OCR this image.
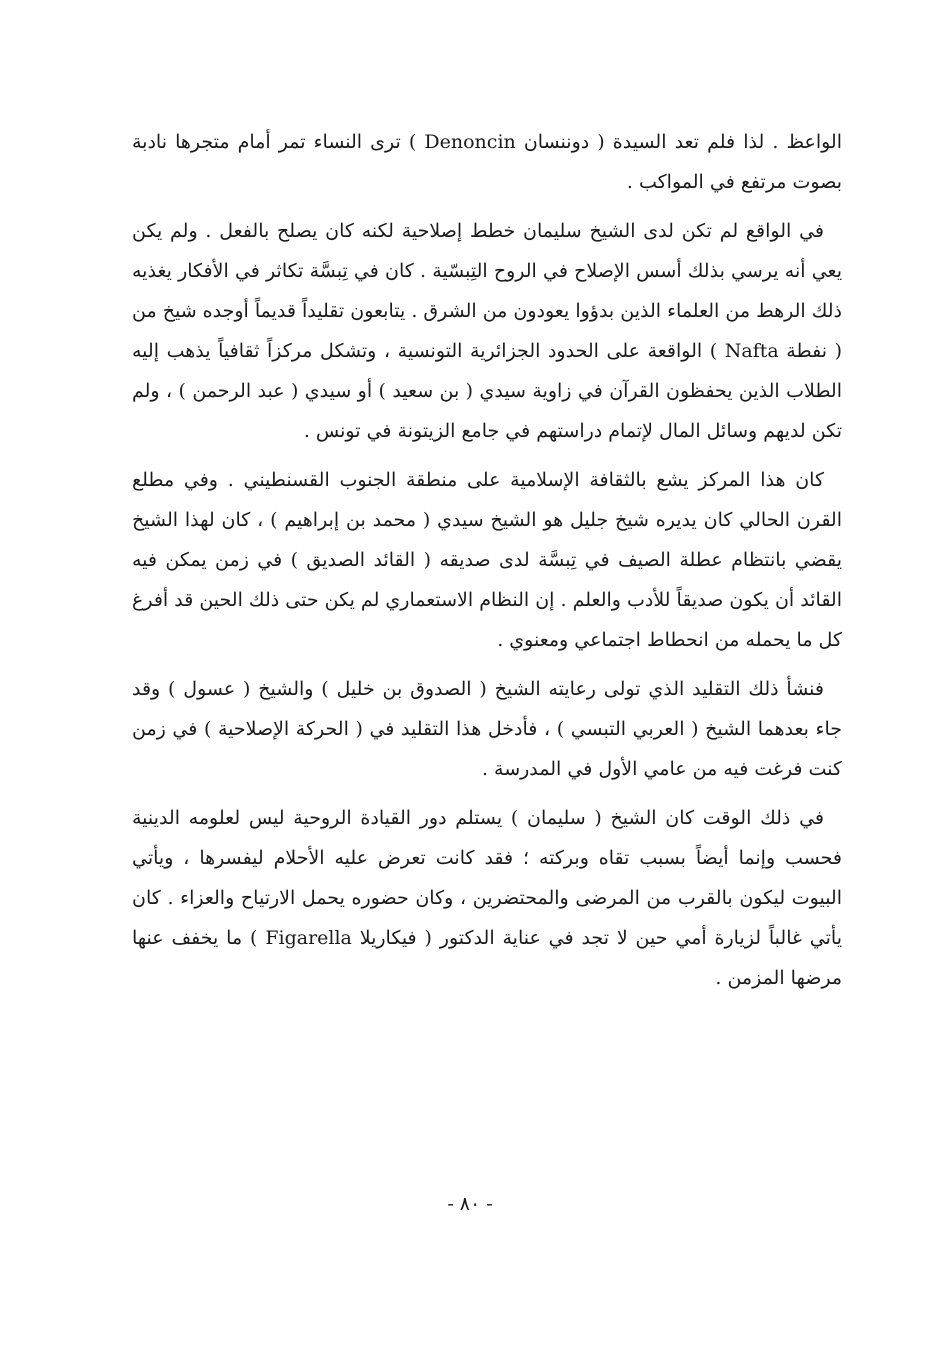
الواعظ . لذا فلم تعد السيدة ( دوننسان Denoncin ) ترى النساء تمر أمام متجرها نادبة بصوت مرتفع في المواكب .

في الواقع لم تكن لدى الشيخ سليمان خطط إصلاحية لكنه كان يصلح بالفعل . ولم يكن يعي أنه يرسي بذلك أسس الإصلاح في الروح التِبسّية . كان في تِبسَّة تكاثر في الأفكار يغذيه ذلك الرهط من العلماء الذين بدؤوا يعودون من الشرق . يتابعون تقليداً قديماً أوجده شيخ من ( نفطة Nafta ) الواقعة على الحدود الجزائرية التونسية ، وتشكل مركزاً ثقافياً يذهب إليه الطلاب الذين يحفظون القرآن في زاوية سيدي ( بن سعيد ) أو سيدي ( عبد الرحمن ) ، ولم تكن لديهم وسائل المال لإتمام دراستهم في جامع الزيتونة في تونس .

كان هذا المركز يشع بالثقافة الإسلامية على منطقة الجنوب القسنطيني . وفي مطلع القرن الحالي كان يديره شيخ جليل هو الشيخ سيدي ( محمد بن إبراهيم ) ، كان لهذا الشيخ يقضي بانتظام عطلة الصيف في تِبسَّة لدى صديقه ( القائد الصديق ) في زمن يمكن فيه القائد أن يكون صديقاً للأدب والعلم . إن النظام الاستعماري لم يكن حتى ذلك الحين قد أفرغ كل ما يحمله من انحطاط اجتماعي ومعنوي .

فنشأ ذلك التقليد الذي تولى رعايته الشيخ ( الصدوق بن خليل ) والشيخ ( عسول ) وقد جاء بعدهما الشيخ ( العربي التبسي ) ، فأدخل هذا التقليد في ( الحركة الإصلاحية ) في زمن كنت فرغت فيه من عامي الأول في المدرسة .

في ذلك الوقت كان الشيخ ( سليمان ) يستلم دور القيادة الروحية ليس لعلومه الدينية فحسب وإنما أيضاً بسبب تقاه وبركته ؛ فقد كانت تعرض عليه الأحلام ليفسرها ، ويأتي البيوت ليكون بالقرب من المرضى والمحتضرين ، وكان حضوره يحمل الارتياح والعزاء . كان يأتي غالباً لزيارة أمي حين لا تجد في عناية الدكتور ( فيكاريلا Figarella ) ما يخفف عنها مرضها المزمن .

- ٨٠ -
